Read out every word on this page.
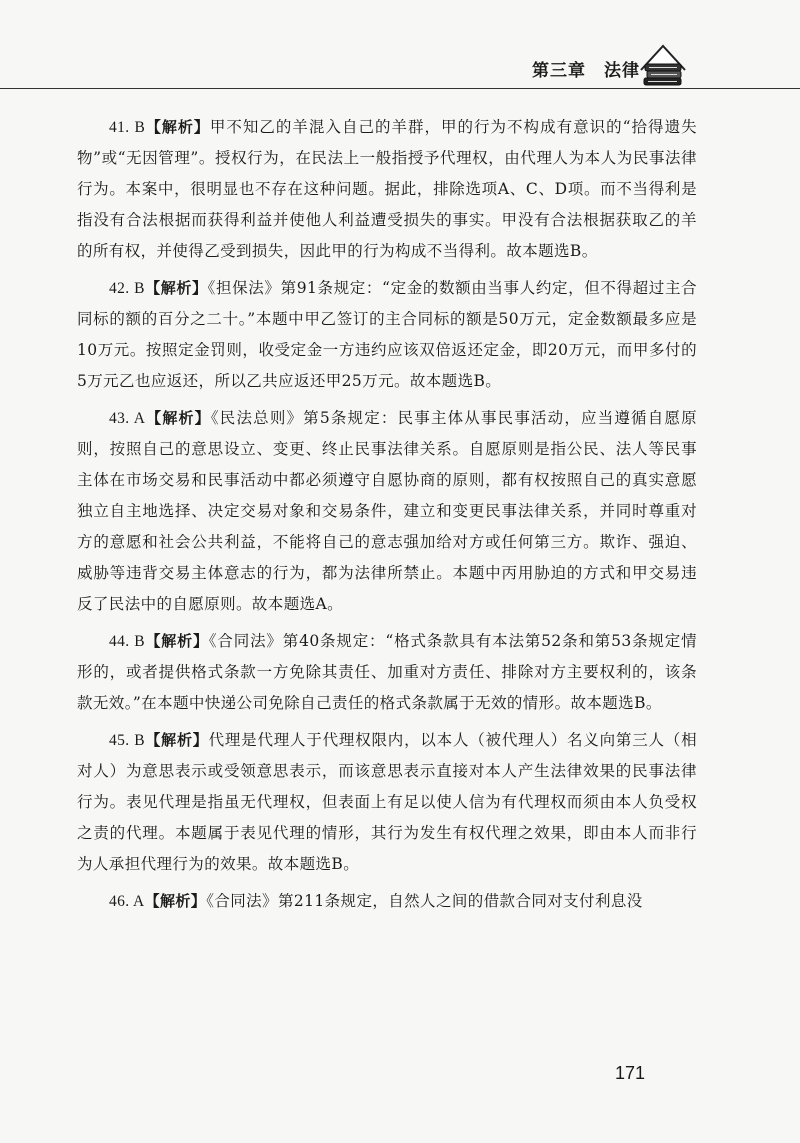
第三章　法律

41. B【解析】甲不知乙的羊混入自己的羊群，甲的行为不构成有意识的“拾得遗失物”或“无因管理”。授权行为，在民法上一般指授予代理权，由代理人为本人为民事法律行为。本案中，很明显也不存在这种问题。据此，排除选项A、C、D项。而不当得利是指没有合法根据而获得利益并使他人利益遭受损失的事实。甲没有合法根据获取乙的羊的所有权，并使得乙受到损失，因此甲的行为构成不当得利。故本题选B。

42. B【解析】《担保法》第91条规定：“定金的数额由当事人约定，但不得超过主合同标的额的百分之二十。”本题中甲乙签订的主合同标的额是50万元，定金数额最多应是10万元。按照定金罚则，收受定金一方违约应该双倍返还定金，即20万元，而甲多付的5万元乙也应返还，所以乙共应返还甲25万元。故本题选B。

43. A【解析】《民法总则》第5条规定：民事主体从事民事活动，应当遵循自愿原则，按照自己的意思设立、变更、终止民事法律关系。自愿原则是指公民、法人等民事主体在市场交易和民事活动中都必须遵守自愿协商的原则，都有权按照自己的真实意愿独立自主地选择、决定交易对象和交易条件，建立和变更民事法律关系，并同时尊重对方的意愿和社会公共利益，不能将自己的意志强加给对方或任何第三方。欺诈、强迫、威胁等违背交易主体意志的行为，都为法律所禁止。本题中丙用胁迫的方式和甲交易违反了民法中的自愿原则。故本题选A。

44. B【解析】《合同法》第40条规定：“格式条款具有本法第52条和第53条规定情形的，或者提供格式条款一方免除其责任、加重对方责任、排除对方主要权利的，该条款无效。”在本题中快递公司免除自己责任的格式条款属于无效的情形。故本题选B。

45. B【解析】代理是代理人于代理权限内，以本人（被代理人）名义向第三人（相对人）为意思表示或受领意思表示，而该意思表示直接对本人产生法律效果的民事法律行为。表见代理是指虽无代理权，但表面上有足以使人信为有代理权而须由本人负受权之责的代理。本题属于表见代理的情形，其行为发生有权代理之效果，即由本人而非行为人承担代理行为的效果。故本题选B。

46. A【解析】《合同法》第211条规定，自然人之间的借款合同对支付利息没

171
